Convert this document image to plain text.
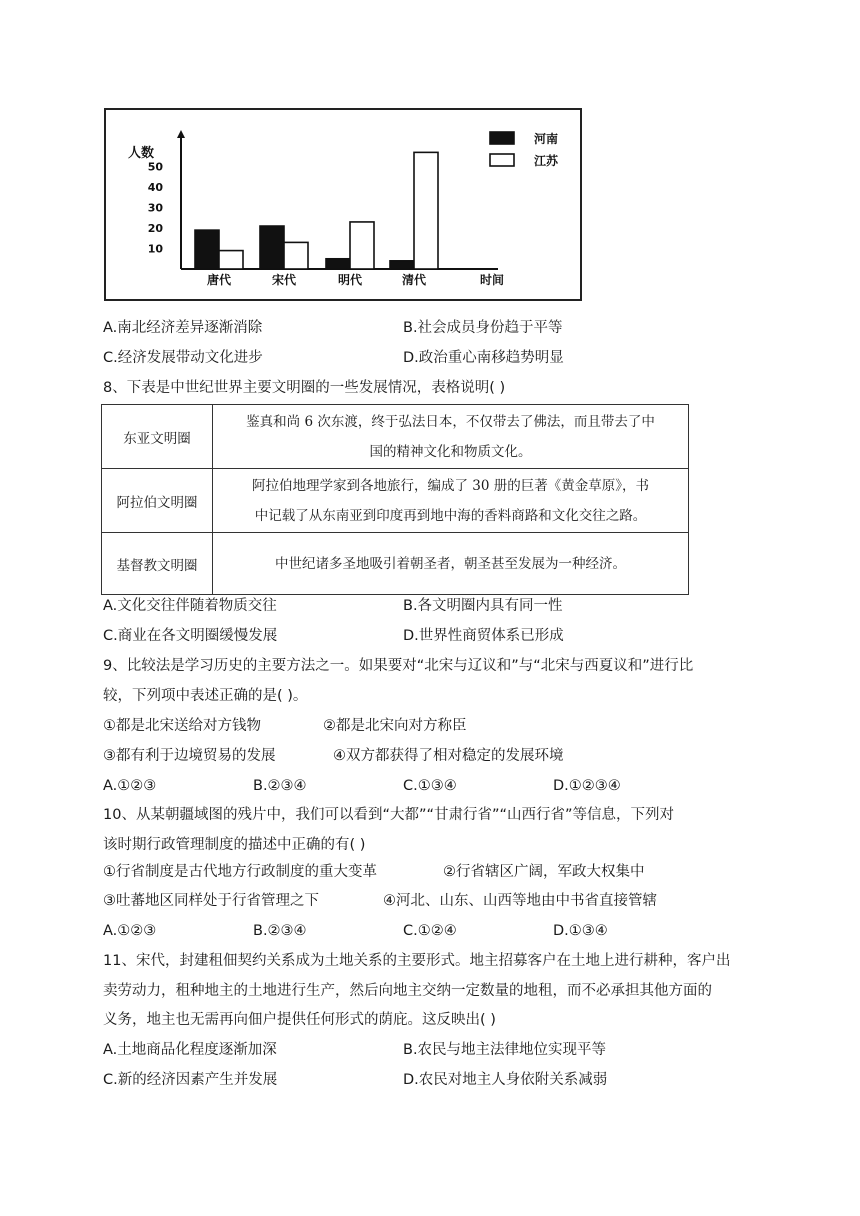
人数
10
20
30
40
50
唐代	宋代	明代	清代	时间
河南
江苏
A.南北经济差异逐渐消除	B.社会成员身份趋于平等
C.经济发展带动文化进步	D.政治重心南移趋势明显
8、下表是中世纪世界主要文明圈的一些发展情况，表格说明( )
东亚文明圈	鉴真和尚 6 次东渡，终于弘法日本，不仅带去了佛法，而且带去了中
国的精神文化和物质文化。

阿拉伯文明圈	阿拉伯地理学家到各地旅行，编成了 30 册的巨著《黄金草原》，书
中记载了从东南亚到印度再到地中海的香料商路和文化交往之路。

基督教文明圈	中世纪诸多圣地吸引着朝圣者，朝圣甚至发展为一种经济。
A.文化交往伴随着物质交往	B.各文明圈内具有同一性
C.商业在各文明圈缓慢发展	D.世界性商贸体系已形成
9、比较法是学习历史的主要方法之一。如果要对“北宋与辽议和”与“北宋与西夏议和”进行比
较，下列项中表述正确的是( )。
①都是北宋送给对方钱物	②都是北宋向对方称臣
③都有利于边境贸易的发展	④双方都获得了相对稳定的发展环境
A.①②③	B.②③④	C.①③④	D.①②③④
10、从某朝疆域图的残片中，我们可以看到“大都”“甘肃行省”“山西行省”等信息，下列对
该时期行政管理制度的描述中正确的有( )
①行省制度是古代地方行政制度的重大变革	②行省辖区广阔，军政大权集中
③吐蕃地区同样处于行省管理之下	④河北、山东、山西等地由中书省直接管辖
A.①②③	B.②③④	C.①②④	D.①③④
11、宋代，封建租佃契约关系成为土地关系的主要形式。地主招募客户在土地上进行耕种，客户出
卖劳动力，租种地主的土地进行生产，然后向地主交纳一定数量的地租，而不必承担其他方面的
义务，地主也无需再向佃户提供任何形式的荫庇。这反映出( )
A.土地商品化程度逐渐加深	B.农民与地主法律地位实现平等
C.新的经济因素产生并发展	D.农民对地主人身依附关系减弱
